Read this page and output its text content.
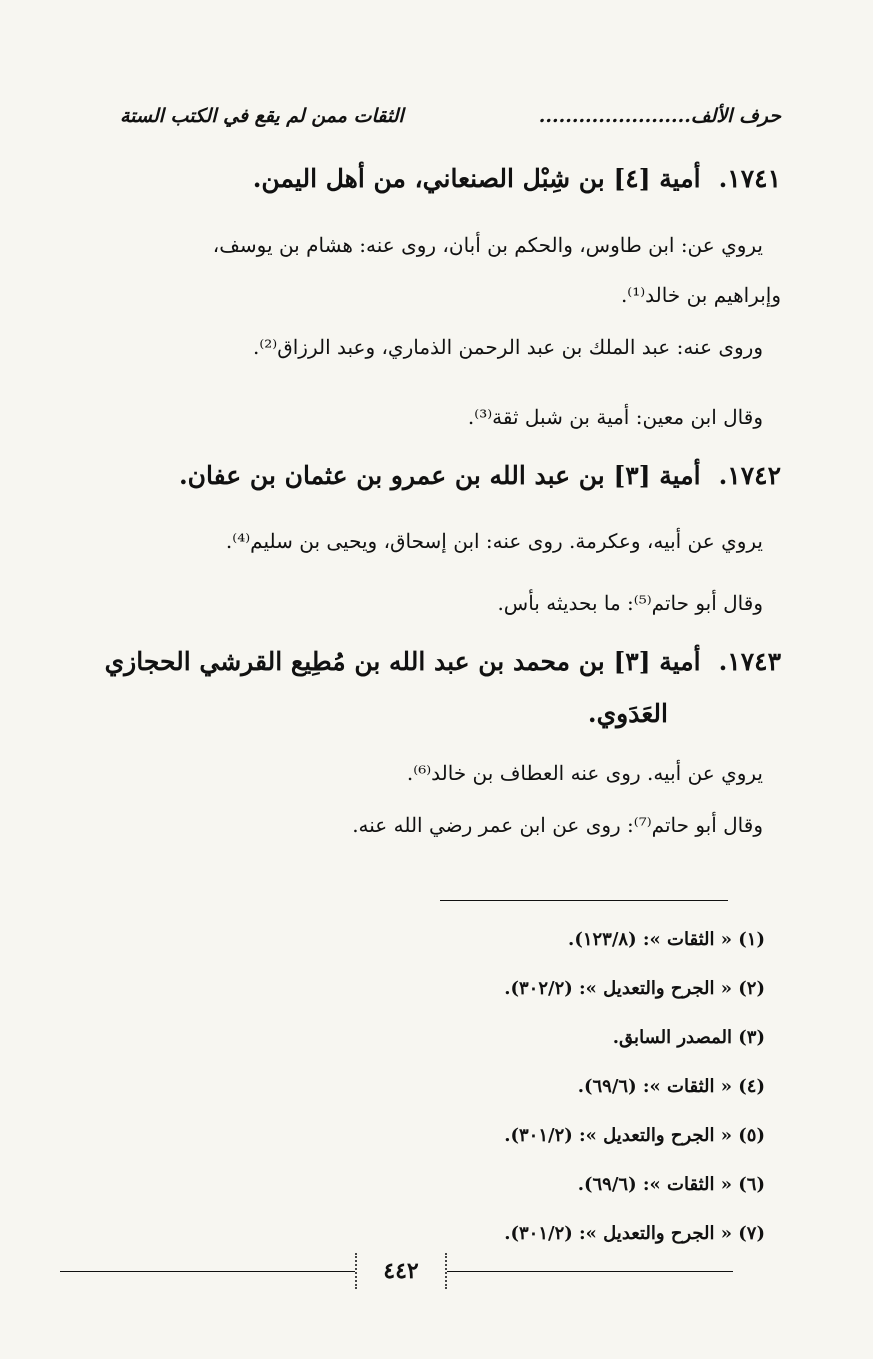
حرف الألف.......................
الثقات ممن لم يقع في الكتب الستة
١٧٤١.أمية [٤] بن شِبْل الصنعاني، من أهل اليمن.
يروي عن: ابن طاوس، والحكم بن أبان، روى عنه: هشام بن يوسف،
وإبراهيم بن خالد⁽¹⁾.
وروى عنه: عبد الملك بن عبد الرحمن الذماري، وعبد الرزاق⁽²⁾.
وقال ابن معين: أمية بن شبل ثقة⁽³⁾.
١٧٤٢.أمية [٣] بن عبد الله بن عمرو بن عثمان بن عفان.
يروي عن أبيه، وعكرمة. روى عنه: ابن إسحاق، ويحيى بن سليم⁽⁴⁾.
وقال أبو حاتم⁽⁵⁾: ما بحديثه بأس.
١٧٤٣.أمية [٣] بن محمد بن عبد الله بن مُطِيع القرشي الحجازي
العَدَوي.
يروي عن أبيه. روى عنه العطاف بن خالد⁽⁶⁾.
وقال أبو حاتم⁽⁷⁾: روى عن ابن عمر رضي الله عنه.
(١) « الثقات »: (١٢٣/٨).
(٢) « الجرح والتعديل »: (٣٠٢/٢).
(٣) المصدر السابق.
(٤) « الثقات »: (٦٩/٦).
(٥) « الجرح والتعديل »: (٣٠١/٢).
(٦) « الثقات »: (٦٩/٦).
(٧) « الجرح والتعديل »: (٣٠١/٢).
٤٤٢
